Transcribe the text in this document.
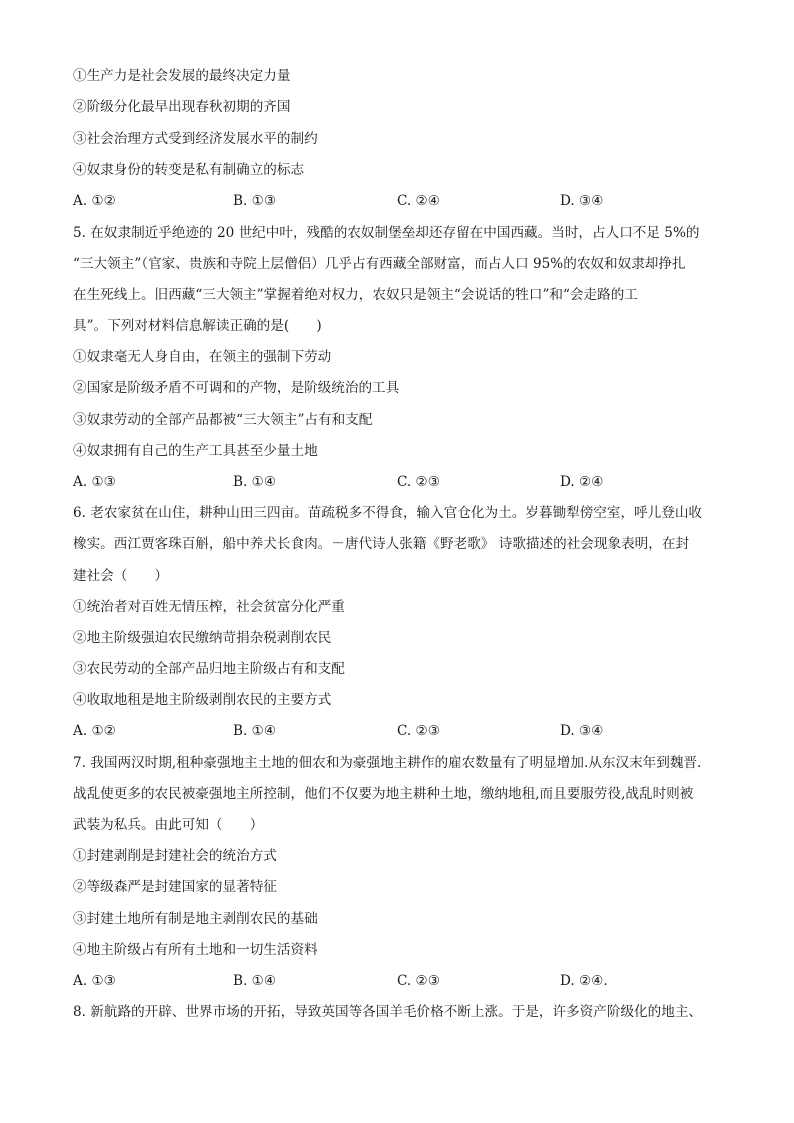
①生产力是社会发展的最终决定力量
②阶级分化最早出现春秋初期的齐国
③社会治理方式受到经济发展水平的制约
④奴隶身份的转变是私有制确立的标志
A. ①②	B. ①③	C. ②④	D. ③④
5. 在奴隶制近乎绝迹的 20 世纪中叶，残酷的农奴制堡垒却还存留在中国西藏。当时，占人口不足 5%的
“三大领主”（官家、贵族和寺院上层僧侣）几乎占有西藏全部财富，而占人口 95%的农奴和奴隶却挣扎
在生死线上。旧西藏“三大领主”掌握着绝对权力，农奴只是领主“会说话的牲口”和“会走路的工
具”。下列对材料信息解读正确的是(　　)
①奴隶毫无人身自由，在领主的强制下劳动
②国家是阶级矛盾不可调和的产物，是阶级统治的工具
③奴隶劳动的全部产品都被“三大领主”占有和支配
④奴隶拥有自己的生产工具甚至少量土地
A. ①③	B. ①④	C. ②③	D. ②④
6. 老农家贫在山住，耕种山田三四亩。苗疏税多不得食，输入官仓化为土。岁暮锄犁傍空室，呼儿登山收
橡实。西江贾客珠百斛，船中养犬长食肉。－唐代诗人张籍《野老歌》 诗歌描述的社会现象表明，在封
建社会（　　）
①统治者对百姓无情压榨，社会贫富分化严重
②地主阶级强迫农民缴纳苛捐杂税剥削农民
③农民劳动的全部产品归地主阶级占有和支配
④收取地租是地主阶级剥削农民的主要方式
A. ①②	B. ①④	C. ②③	D. ③④
7. 我国两汉时期,租种豪强地主土地的佃农和为豪强地主耕作的雇农数量有了明显增加.从东汉末年到魏晋.
战乱使更多的农民被豪强地主所控制，他们不仅要为地主耕种土地，缴纳地租,而且要服劳役,战乱时则被
武装为私兵。由此可知（　　）
①封建剥削是封建社会的统治方式
②等级森严是封建国家的显著特征
③封建土地所有制是地主剥削农民的基础
④地主阶级占有所有土地和一切生活资料
A. ①③	B. ①④	C. ②③	D. ②④.
8. 新航路的开辟、世界市场的开拓，导致英国等各国羊毛价格不断上涨。于是，许多资产阶级化的地主、
